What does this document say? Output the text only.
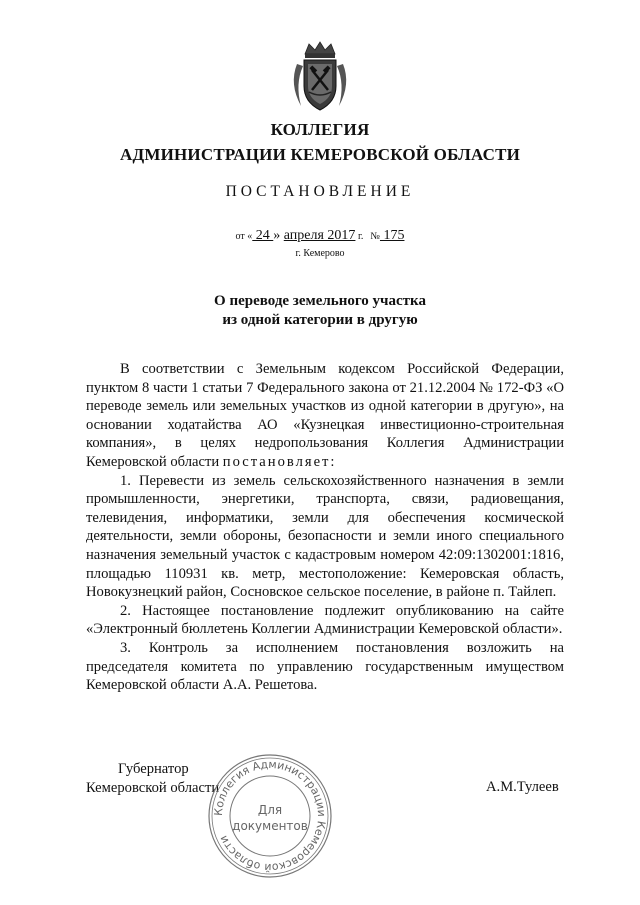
КОЛЛЕГИЯ
АДМИНИСТРАЦИИ КЕМЕРОВСКОЙ ОБЛАСТИ
ПОСТАНОВЛЕНИЕ
от « 24 » апреля 2017 г. № 175
г. Кемерово
О переводе земельного участка
из одной категории в другую

В соответствии с Земельным кодексом Российской Федерации, пунктом 8 части 1 статьи 7 Федерального закона от 21.12.2004 № 172-ФЗ «О переводе земель или земельных участков из одной категории в другую», на основании ходатайства АО «Кузнецкая инвестиционно-строительная компания», в целях недропользования Коллегия Администрации Кемеровской области постановляет:

1. Перевести из земель сельскохозяйственного назначения в земли промышленности, энергетики, транспорта, связи, радиовещания, телевидения, информатики, земли для обеспечения космической деятельности, земли обороны, безопасности и земли иного специального назначения земельный участок с кадастровым номером 42:09:1302001:1816, площадью 110931 кв. метр, местоположение: Кемеровская область, Новокузнецкий район, Сосновское сельское поселение, в районе п. Тайлеп.

2. Настоящее постановление подлежит опубликованию на сайте «Электронный бюллетень Коллегии Администрации Кемеровской области».

3. Контроль за исполнением постановления возложить на председателя комитета по управлению государственным имуществом Кемеровской области А.А. Решетова.

Губернатор
Кемеровской области	А.М.Тулеев
Коллегия Администрации Кемеровской области
Для
документов
